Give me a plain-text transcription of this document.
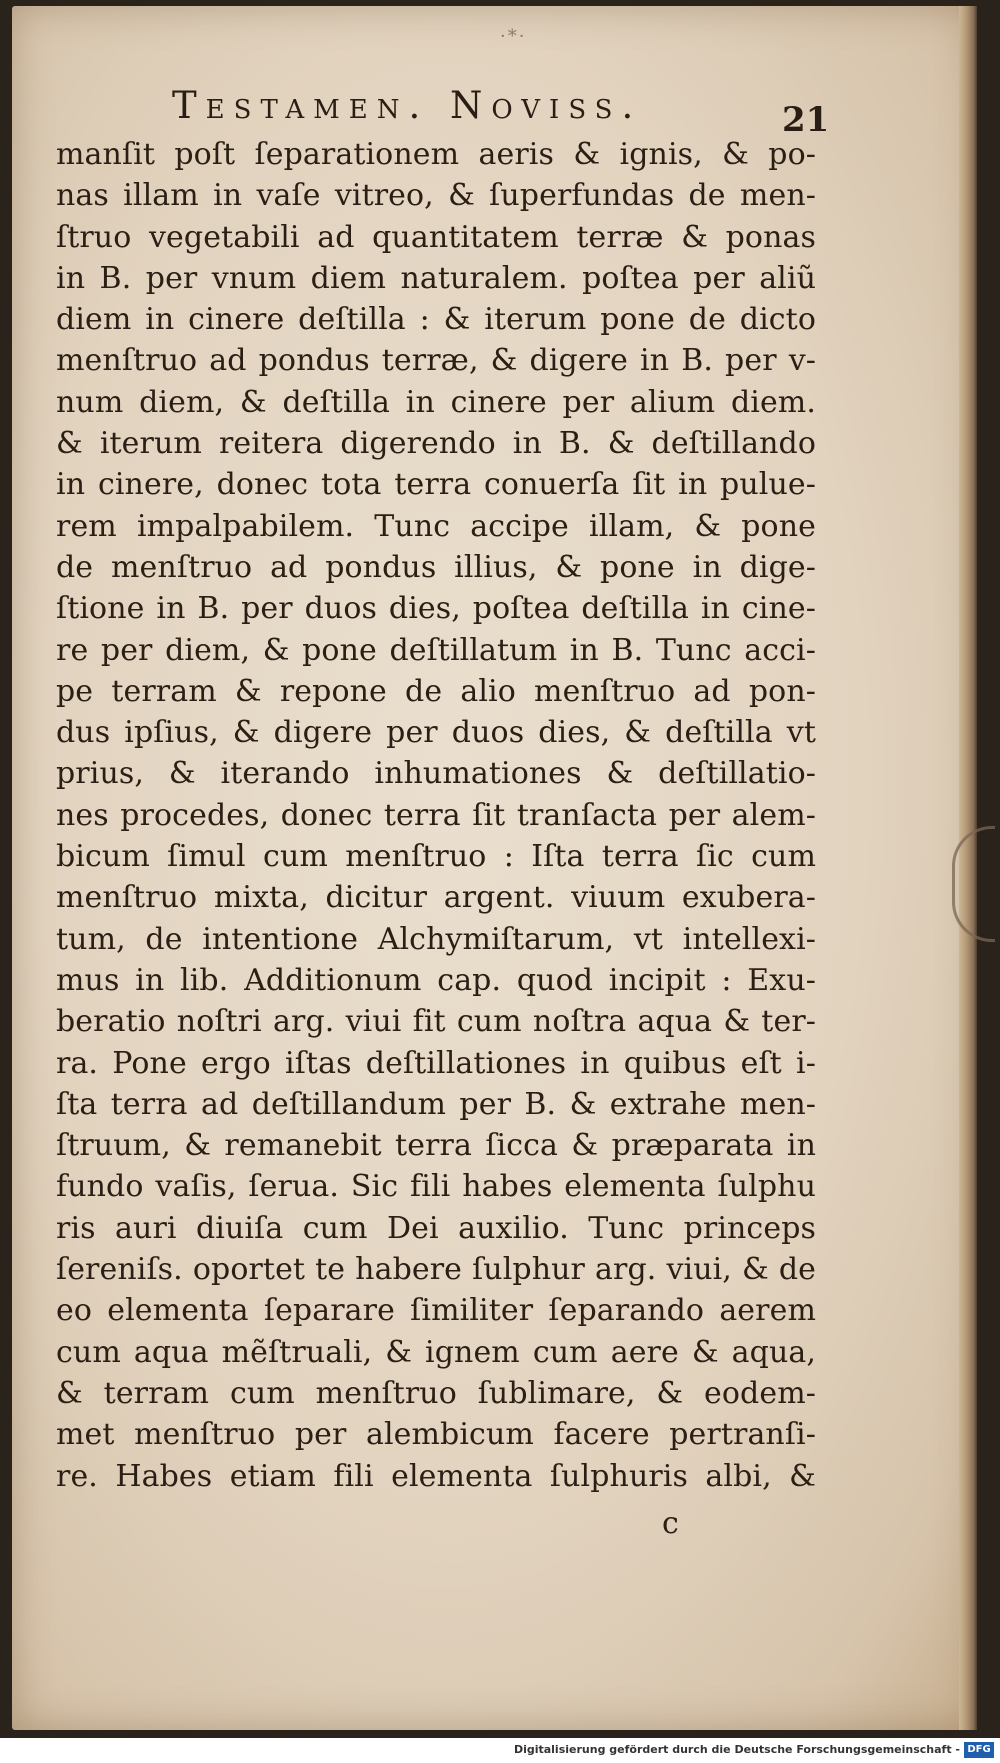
·*·
Testamen. Noviss.	21
manſit poſt ſeparationem aeris & ignis, & po-
nas illam in vaſe vitreo, & ſuperfundas de men-
ſtruo vegetabili ad quantitatem terræ & ponas
in B. per vnum diem naturalem. poſtea per aliũ
diem in cinere deſtilla : & iterum pone de dicto
menſtruo ad pondus terræ, & digere in B. per v-
num diem, & deſtilla in cinere per alium diem.
& iterum reitera digerendo in B. & deſtillando
in cinere, donec tota terra conuerſa ſit in pulue-
rem impalpabilem. Tunc accipe illam, & pone
de menſtruo ad pondus illius, & pone in dige-
ſtione in B. per duos dies, poſtea deſtilla in cine-
re per diem, & pone deſtillatum in B. Tunc acci-
pe terram & repone de alio menſtruo ad pon-
dus ipſius, & digere per duos dies, & deſtilla vt
prius, & iterando inhumationes & deſtillatio-
nes procedes, donec terra ſit tranſacta per alem-
bicum ſimul cum menſtruo : Iſta terra ſic cum
menſtruo mixta, dicitur argent. viuum exubera-
tum, de intentione Alchymiſtarum, vt intellexi-
mus in lib. Additionum cap. quod incipit : Exu-
beratio noſtri arg. viui fit cum noſtra aqua & ter-
ra. Pone ergo iſtas deſtillationes in quibus eſt i-
ſta terra ad deſtillandum per B. & extrahe men-
ſtruum, & remanebit terra ſicca & præparata in
fundo vaſis, ſerua. Sic fili habes elementa ſulphu
ris auri diuiſa cum Dei auxilio. Tunc princeps
ſereniſs. oportet te habere ſulphur arg. viui, & de
eo elementa ſeparare ſimiliter ſeparando aerem
cum aqua mẽſtruali, & ignem cum aere & aqua,
& terram cum menſtruo ſublimare, & eodem-
met menſtruo per alembicum facere pertranſi-
re. Habes etiam fili elementa ſulphuris albi, &
c
Digitalisierung gefördert durch die Deutsche Forschungsgemeinschaft - DFG
